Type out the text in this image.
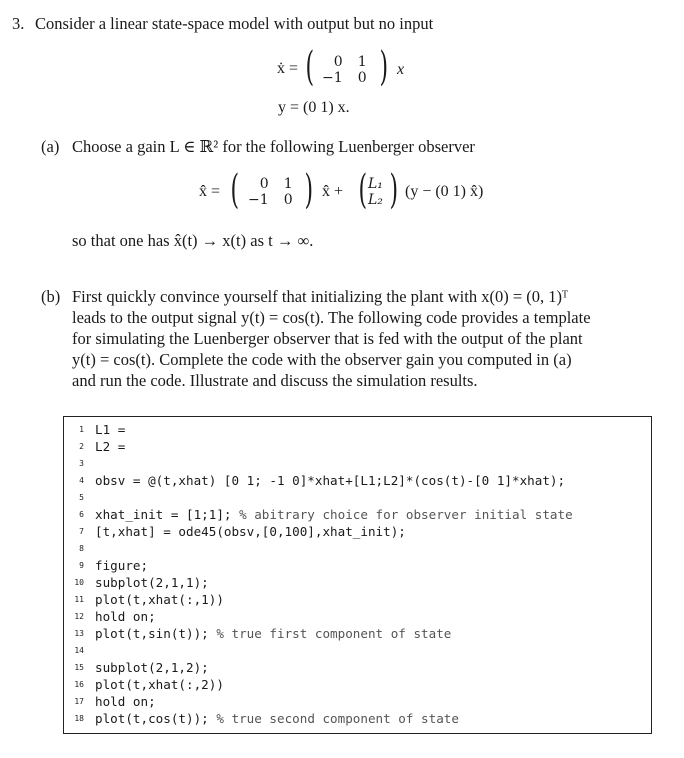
3. Consider a linear state-space model with output but no input
ẋ = ( 0 1
−1 0 ) x
y = (0 1) x.
(a) Choose a gain L ∈ ℝ² for the following Luenberger observer
x̂ = ( 0 1
−1 0 ) x̂ + ( L₁
L₂ ) (y − (0 1) x̂)
so that one has x̂(t) → x(t) as t → ∞.
(b) First quickly convince yourself that initializing the plant with x(0) = (0, 1)ᵀ
leads to the output signal y(t) = cos(t). The following code provides a template
for simulating the Luenberger observer that is fed with the output of the plant
y(t) = cos(t). Complete the code with the observer gain you computed in (a)
and run the code. Illustrate and discuss the simulation results.
1 L1 =
2 L2 =
3
4 obsv = @(t,xhat) [0 1; -1 0]*xhat+[L1;L2]*(cos(t)-[0 1]*xhat);
5
6 xhat_init = [1;1]; % abitrary choice for observer initial state
7 [t,xhat] = ode45(obsv,[0,100],xhat_init);
8
9 figure;
10 subplot(2,1,1);
11 plot(t,xhat(:,1))
12 hold on;
13 plot(t,sin(t)); % true first component of state
14
15 subplot(2,1,2);
16 plot(t,xhat(:,2))
17 hold on;
18 plot(t,cos(t)); % true second component of state
